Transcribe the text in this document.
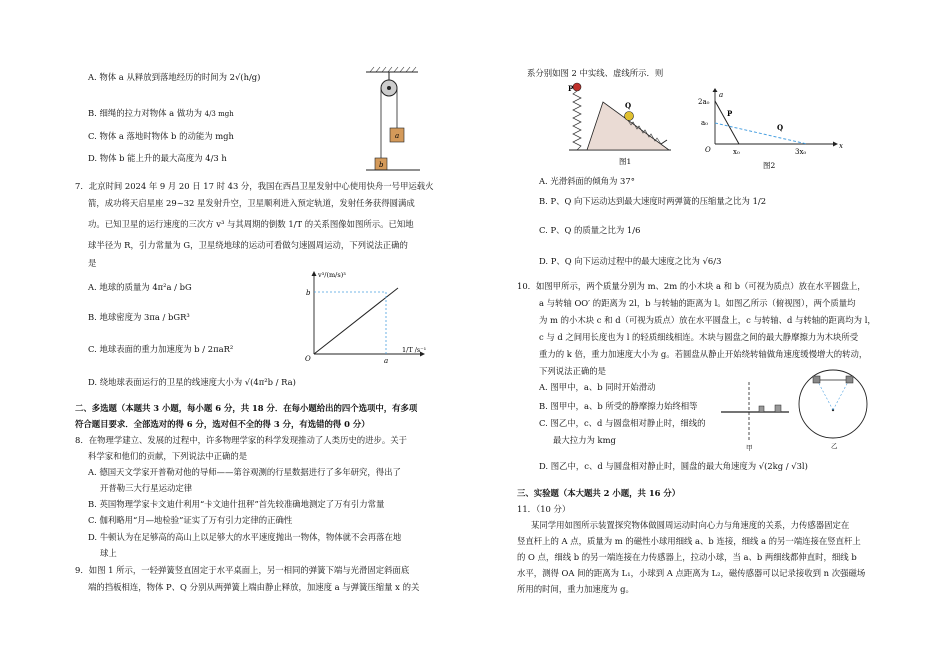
A. 物体 a 从释放到落地经历的时间为 2√(h/g)
B. 细绳的拉力对物体 a 做功为 4/3 mgh
C. 物体 a 落地时物体 b 的动能为 mgh
D. 物体 b 能上升的最大高度为 4/3 h
a
b
7．北京时间 2024 年 9 月 20 日 17 时 43 分，我国在西昌卫星发射中心使用快舟一号甲运载火
箭，成功将天启星座 29~32 星发射升空，卫星顺利进入预定轨道，发射任务获得圆满成
功。已知卫星的运行速度的三次方 v³ 与其周期的倒数 1/T 的关系图像如图所示。已知地
球半径为 R，引力常量为 G，卫星绕地球的运动可看做匀速圆周运动，下列说法正确的
是
A. 地球的质量为 4π²a / bG
B. 地球密度为 3πa / bGR³
C. 地球表面的重力加速度为 b / 2πaR²
D. 绕地球表面运行的卫星的线速度大小为 √(4π²b / Ra)
v³/(m/s)³
b
a
O
1/T /s⁻¹
二、多选题（本题共 3 小题，每小题 6 分，共 18 分．在每小题给出的四个选项中，有多项
符合题目要求．全部选对的得 6 分，选对但不全的得 3 分，有选错的得 0 分）
8．在物理学建立、发展的过程中，许多物理学家的科学发现推动了人类历史的进步。关于
科学家和他们的贡献，下列说法中正确的是
A. 德国天文学家开普勒对他的导师——第谷观测的行星数据进行了多年研究，得出了
开普勒三大行星运动定律
B. 英国物理学家卡文迪什利用“卡文迪什扭秤”首先较准确地测定了万有引力常量
C. 伽利略用“月—地检验”证实了万有引力定律的正确性
D. 牛顿认为在足够高的高山上以足够大的水平速度抛出一物体，物体就不会再落在地
球上
9．如图 1 所示，一轻弹簧竖直固定于水平桌面上，另一相同的弹簧下端与光滑固定斜面底
端的挡板相连，物体 P、Q 分别从两弹簧上端由静止释放，加速度 a 与弹簧压缩量 x 的关
系分别如图 2 中实线、虚线所示．则
P
Q
图1
a
2a₀
a₀
O	x₀	3x₀
x
P
Q
图2
A. 光滑斜面的倾角为 37°
B. P、Q 向下运动达到最大速度时两弹簧的压缩量之比为 1/2
C. P、Q 的质量之比为 1/6
D. P、Q 向下运动过程中的最大速度之比为 √6/3
10．如图甲所示，两个质量分别为 m、2m 的小木块 a 和 b（可视为质点）放在水平圆盘上，
a 与转轴 OO′ 的距离为 2l，b 与转轴的距离为 l。如图乙所示（俯视图），两个质量均
为 m 的小木块 c 和 d（可视为质点）放在水平圆盘上，c 与转轴、d 与转轴的距离均为 l，
c 与 d 之间用长度也为 l 的轻质细线相连。木块与圆盘之间的最大静摩擦力为木块所受
重力的 k 倍，重力加速度大小为 g。若圆盘从静止开始绕转轴做角速度缓慢增大的转动，
下列说法正确的是
A. 图甲中，a、b 同时开始滑动
B. 图甲中，a、b 所受的静摩擦力始终相等
C. 图乙中，c、d 与圆盘相对静止时，细线的
最大拉力为 kmg
D. 图乙中，c、d 与圆盘相对静止时，圆盘的最大角速度为 √(2kg / √3l)
甲	乙
三、实验题（本大题共 2 小题，共 16 分）
11．（10 分）
某同学用如图所示装置探究物体做圆周运动时向心力与角速度的关系，力传感器固定在
竖直杆上的 A 点，质量为 m 的磁性小球用细线 a、b 连接，细线 a 的另一端连接在竖直杆上
的 O 点，细线 b 的另一端连接在力传感器上，拉动小球，当 a、b 两细线都伸直时，细线 b
水平，测得 OA 间的距离为 L₁，小球到 A 点距离为 L₂，磁传感器可以记录接收到 n 次强磁场
所用的时间，重力加速度为 g。
